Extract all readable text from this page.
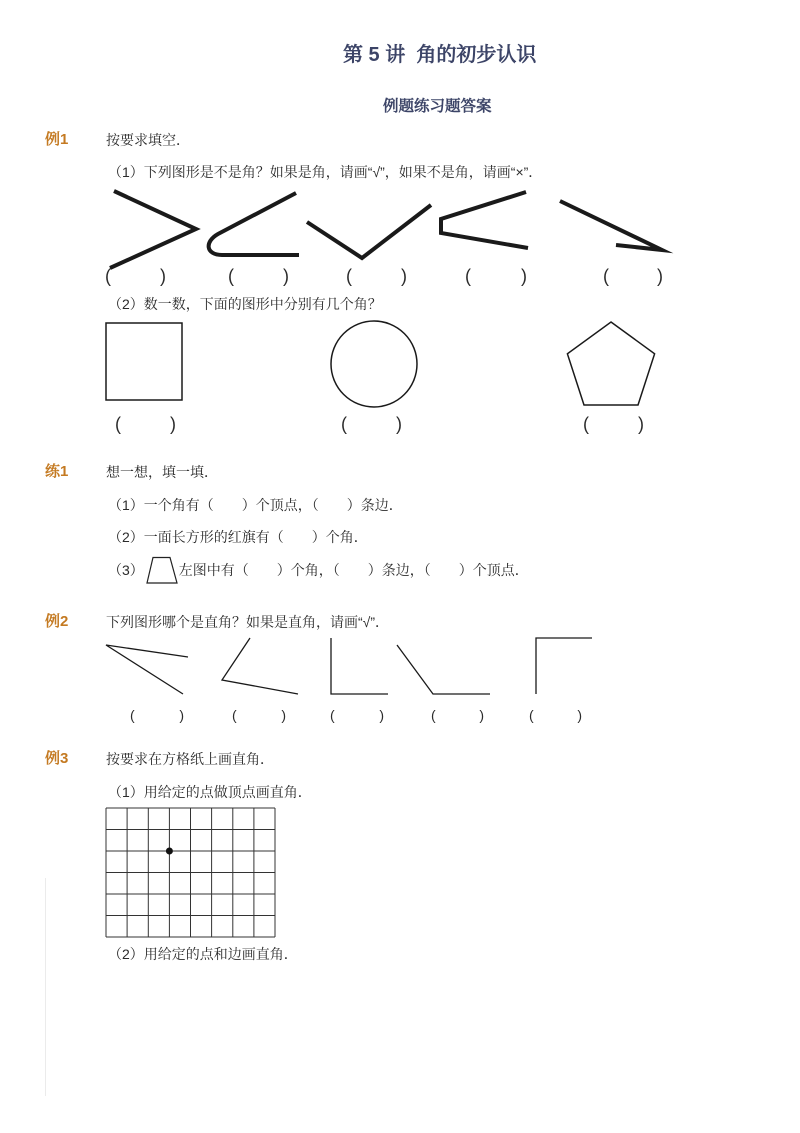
第 5 讲  角的初步认识
例题练习题答案
例1	按要求填空．
（1）下列图形是不是角？如果是角，请画“√”，如果不是角，请画“×”．
( )	( )	( )	( )	( )
（2）数一数，下面的图形中分别有几个角？
( )	( )	( )
练1	想一想，填一填．
（1）一个角有（　　）个顶点，（　　）条边．
（2）一面长方形的红旗有（　　）个角．
（3）	左图中有（　　）个角，（　　）条边，（　　）个顶点．
例2	下列图形哪个是直角？如果是直角，请画“√”．
( )	( )	( )	( )	( )
例3	按要求在方格纸上画直角．
（1）用给定的点做顶点画直角．
（2）用给定的点和边画直角．
